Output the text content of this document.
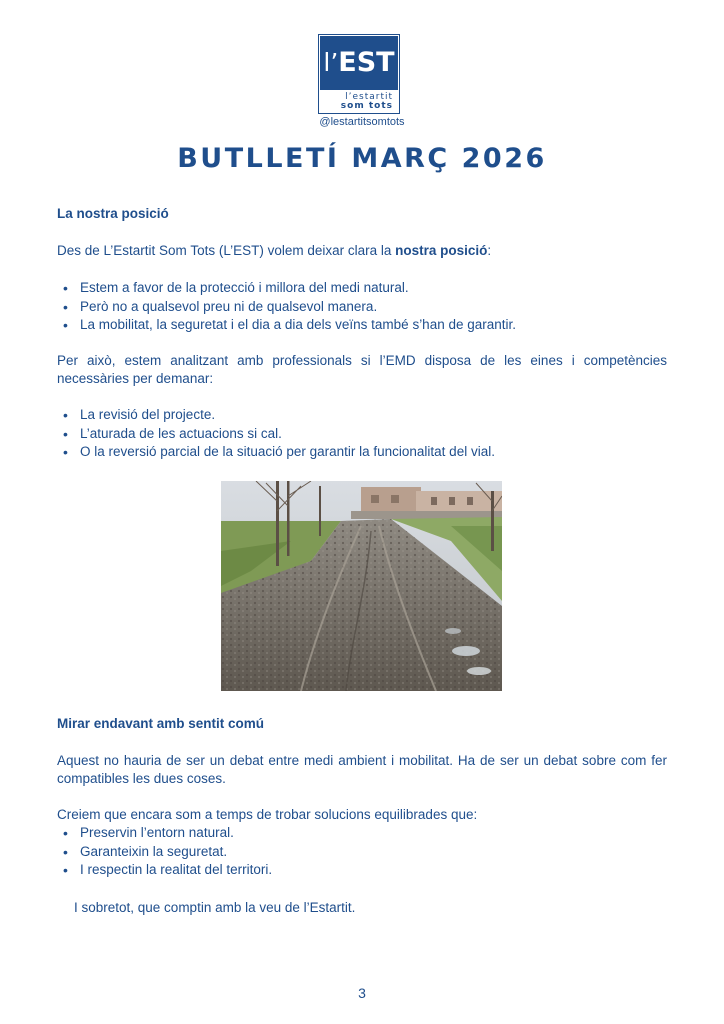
l’EST
l’estartit
som tots
@lestartitsomtots
BUTLLETÍ MARÇ 2026
La nostra posició
Des de L’Estartit Som Tots (L’EST) volem deixar clara la nostra posició:
• Estem a favor de la protecció i millora del medi natural.
• Però no a qualsevol preu ni de qualsevol manera.
• La mobilitat, la seguretat i el dia a dia dels veïns també s’han de garantir.
Per això, estem analitzant amb professionals si l’EMD disposa de les eines i competències necessàries per demanar:
• La revisió del projecte.
• L’aturada de les actuacions si cal.
• O la reversió parcial de la situació per garantir la funcionalitat del vial.
Mirar endavant amb sentit comú
Aquest no hauria de ser un debat entre medi ambient i mobilitat. Ha de ser un debat sobre com fer compatibles les dues coses.
Creiem que encara som a temps de trobar solucions equilibrades que:
• Preservin l’entorn natural.
• Garanteixin la seguretat.
• I respectin la realitat del territori.
I sobretot, que comptin amb la veu de l’Estartit.
3
